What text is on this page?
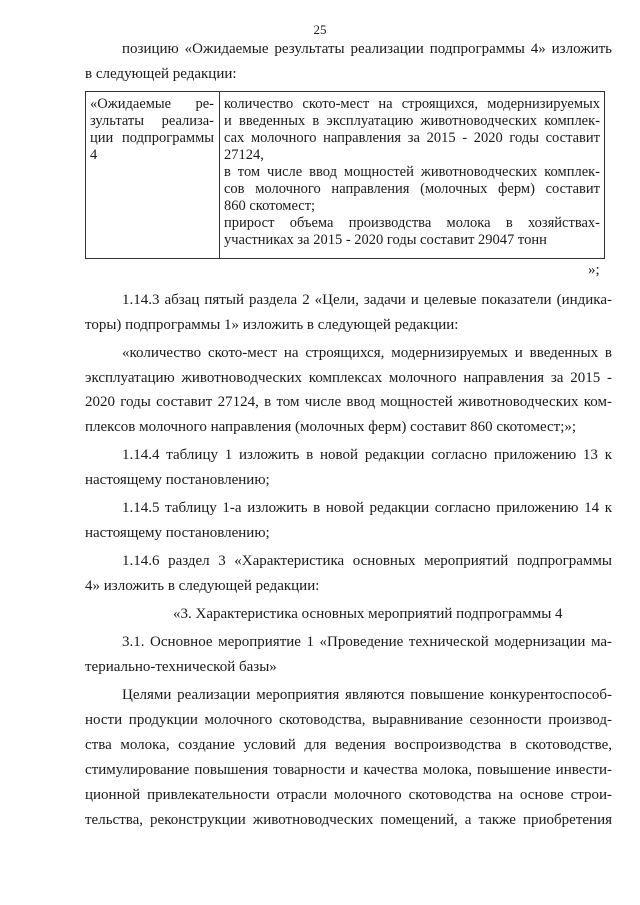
25
позицию «Ожидаемые результаты реализации подпрограммы 4» изложить
в следующей редакции:
«Ожидаемые ре-
зультаты реализа-
ции подпрограммы
4
количество ското-мест на строящихся, модернизируемых
и введенных в эксплуатацию животноводческих комплек-
сах молочного направления за 2015 - 2020 годы составит
27124,
в том числе ввод мощностей животноводческих комплек-
сов молочного направления (молочных ферм) составит
860 скотомест;
прирост объема производства молока в хозяйствах-
участниках за 2015 - 2020 годы составит 29047 тонн
»;
1.14.3 абзац пятый раздела 2 «Цели, задачи и целевые показатели (индика-
торы) подпрограммы 1» изложить в следующей редакции:
«количество ското-мест на строящихся, модернизируемых и введенных в
эксплуатацию животноводческих комплексах молочного направления за 2015 -
2020 годы составит 27124, в том числе ввод мощностей животноводческих ком-
плексов молочного направления (молочных ферм) составит 860 скотомест;»;
1.14.4 таблицу 1 изложить в новой редакции согласно приложению 13 к
настоящему постановлению;
1.14.5 таблицу 1-а изложить в новой редакции согласно приложению 14 к
настоящему постановлению;
1.14.6 раздел 3 «Характеристика основных мероприятий подпрограммы
4» изложить в следующей редакции:
«3. Характеристика основных мероприятий подпрограммы 4
3.1. Основное мероприятие 1 «Проведение технической модернизации ма-
териально-технической базы»
Целями реализации мероприятия являются повышение конкурентоспособ-
ности продукции молочного скотоводства, выравнивание сезонности производ-
ства молока, создание условий для ведения воспроизводства в скотоводстве,
стимулирование повышения товарности и качества молока, повышение инвести-
ционной привлекательности отрасли молочного скотоводства на основе строи-
тельства, реконструкции животноводческих помещений, а также приобретения
